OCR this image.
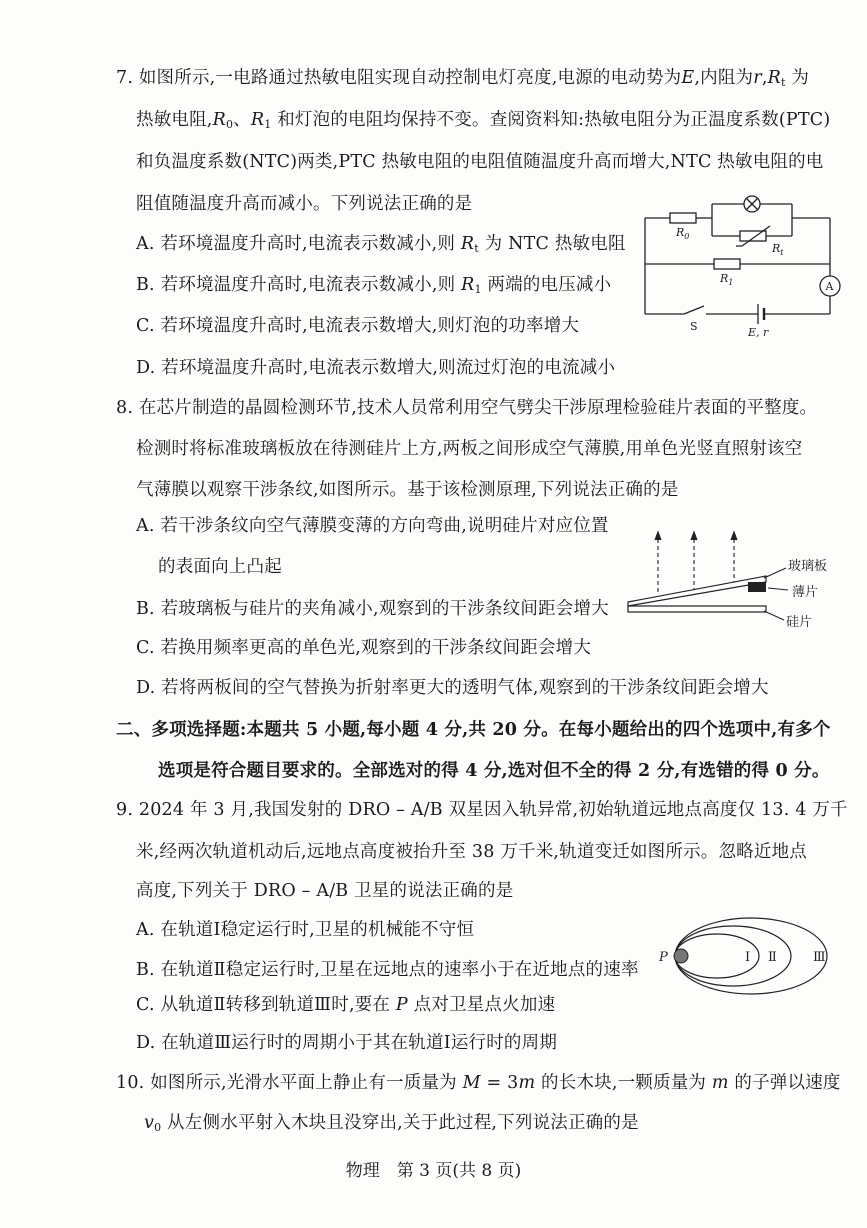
7. 如图所示,一电路通过热敏电阻实现自动控制电灯亮度,电源的电动势为E,内阻为$r,R_t$ 为
热敏电阻$,R_0$、$R_1$ 和灯泡的电阻均保持不变。查阅资料知:热敏电阻分为正温度系数(PTC)
和负温度系数(NTC)两类,PTC 热敏电阻的电阻值随温度升高而增大,NTC 热敏电阻的电
阻值随温度升高而减小。下列说法正确的是
A. 若环境温度升高时,电流表示数减小,则 $R_t$ 为 NTC 热敏电阻
B. 若环境温度升高时,电流表示数减小,则 $R_1$ 两端的电压减小
C. 若环境温度升高时,电流表示数增大,则灯泡的功率增大
D. 若环境温度升高时,电流表示数增大,则流过灯泡的电流减小
$R_0$
$R_t$
$R_1$	A
S	E, r
8. 在芯片制造的晶圆检测环节,技术人员常利用空气劈尖干涉原理检验硅片表面的平整度。
检测时将标准玻璃板放在待测硅片上方,两板之间形成空气薄膜,用单色光竖直照射该空
气薄膜以观察干涉条纹,如图所示。基于该检测原理,下列说法正确的是
A. 若干涉条纹向空气薄膜变薄的方向弯曲,说明硅片对应位置
的表面向上凸起
B. 若玻璃板与硅片的夹角减小,观察到的干涉条纹间距会增大
C. 若换用频率更高的单色光,观察到的干涉条纹间距会增大
D. 若将两板间的空气替换为折射率更大的透明气体,观察到的干涉条纹间距会增大
玻璃板
薄片
硅片
二、多项选择题:本题共 5 小题,每小题 4 分,共 20 分。在每小题给出的四个选项中,有多个
选项是符合题目要求的。全部选对的得 4 分,选对但不全的得 2 分,有选错的得 0 分。
9. 2024 年 3 月,我国发射的 DRO – A/B 双星因入轨异常,初始轨道远地点高度仅 13. 4 万千
米,经两次轨道机动后,远地点高度被抬升至 38 万千米,轨道变迁如图所示。忽略近地点
高度,下列关于 DRO – A/B 卫星的说法正确的是
A. 在轨道Ⅰ稳定运行时,卫星的机械能不守恒
B. 在轨道Ⅱ稳定运行时,卫星在远地点的速率小于在近地点的速率
C. 从轨道Ⅱ转移到轨道Ⅲ时,要在 P 点对卫星点火加速
D. 在轨道Ⅲ运行时的周期小于其在轨道Ⅰ运行时的周期
P	Ⅰ Ⅱ	Ⅲ
10. 如图所示,光滑水平面上静止有一质量为 M = 3m 的长木块,一颗质量为 m 的子弹以速度
$v_0$ 从左侧水平射入木块且没穿出,关于此过程,下列说法正确的是
物理　第 3 页(共 8 页)
